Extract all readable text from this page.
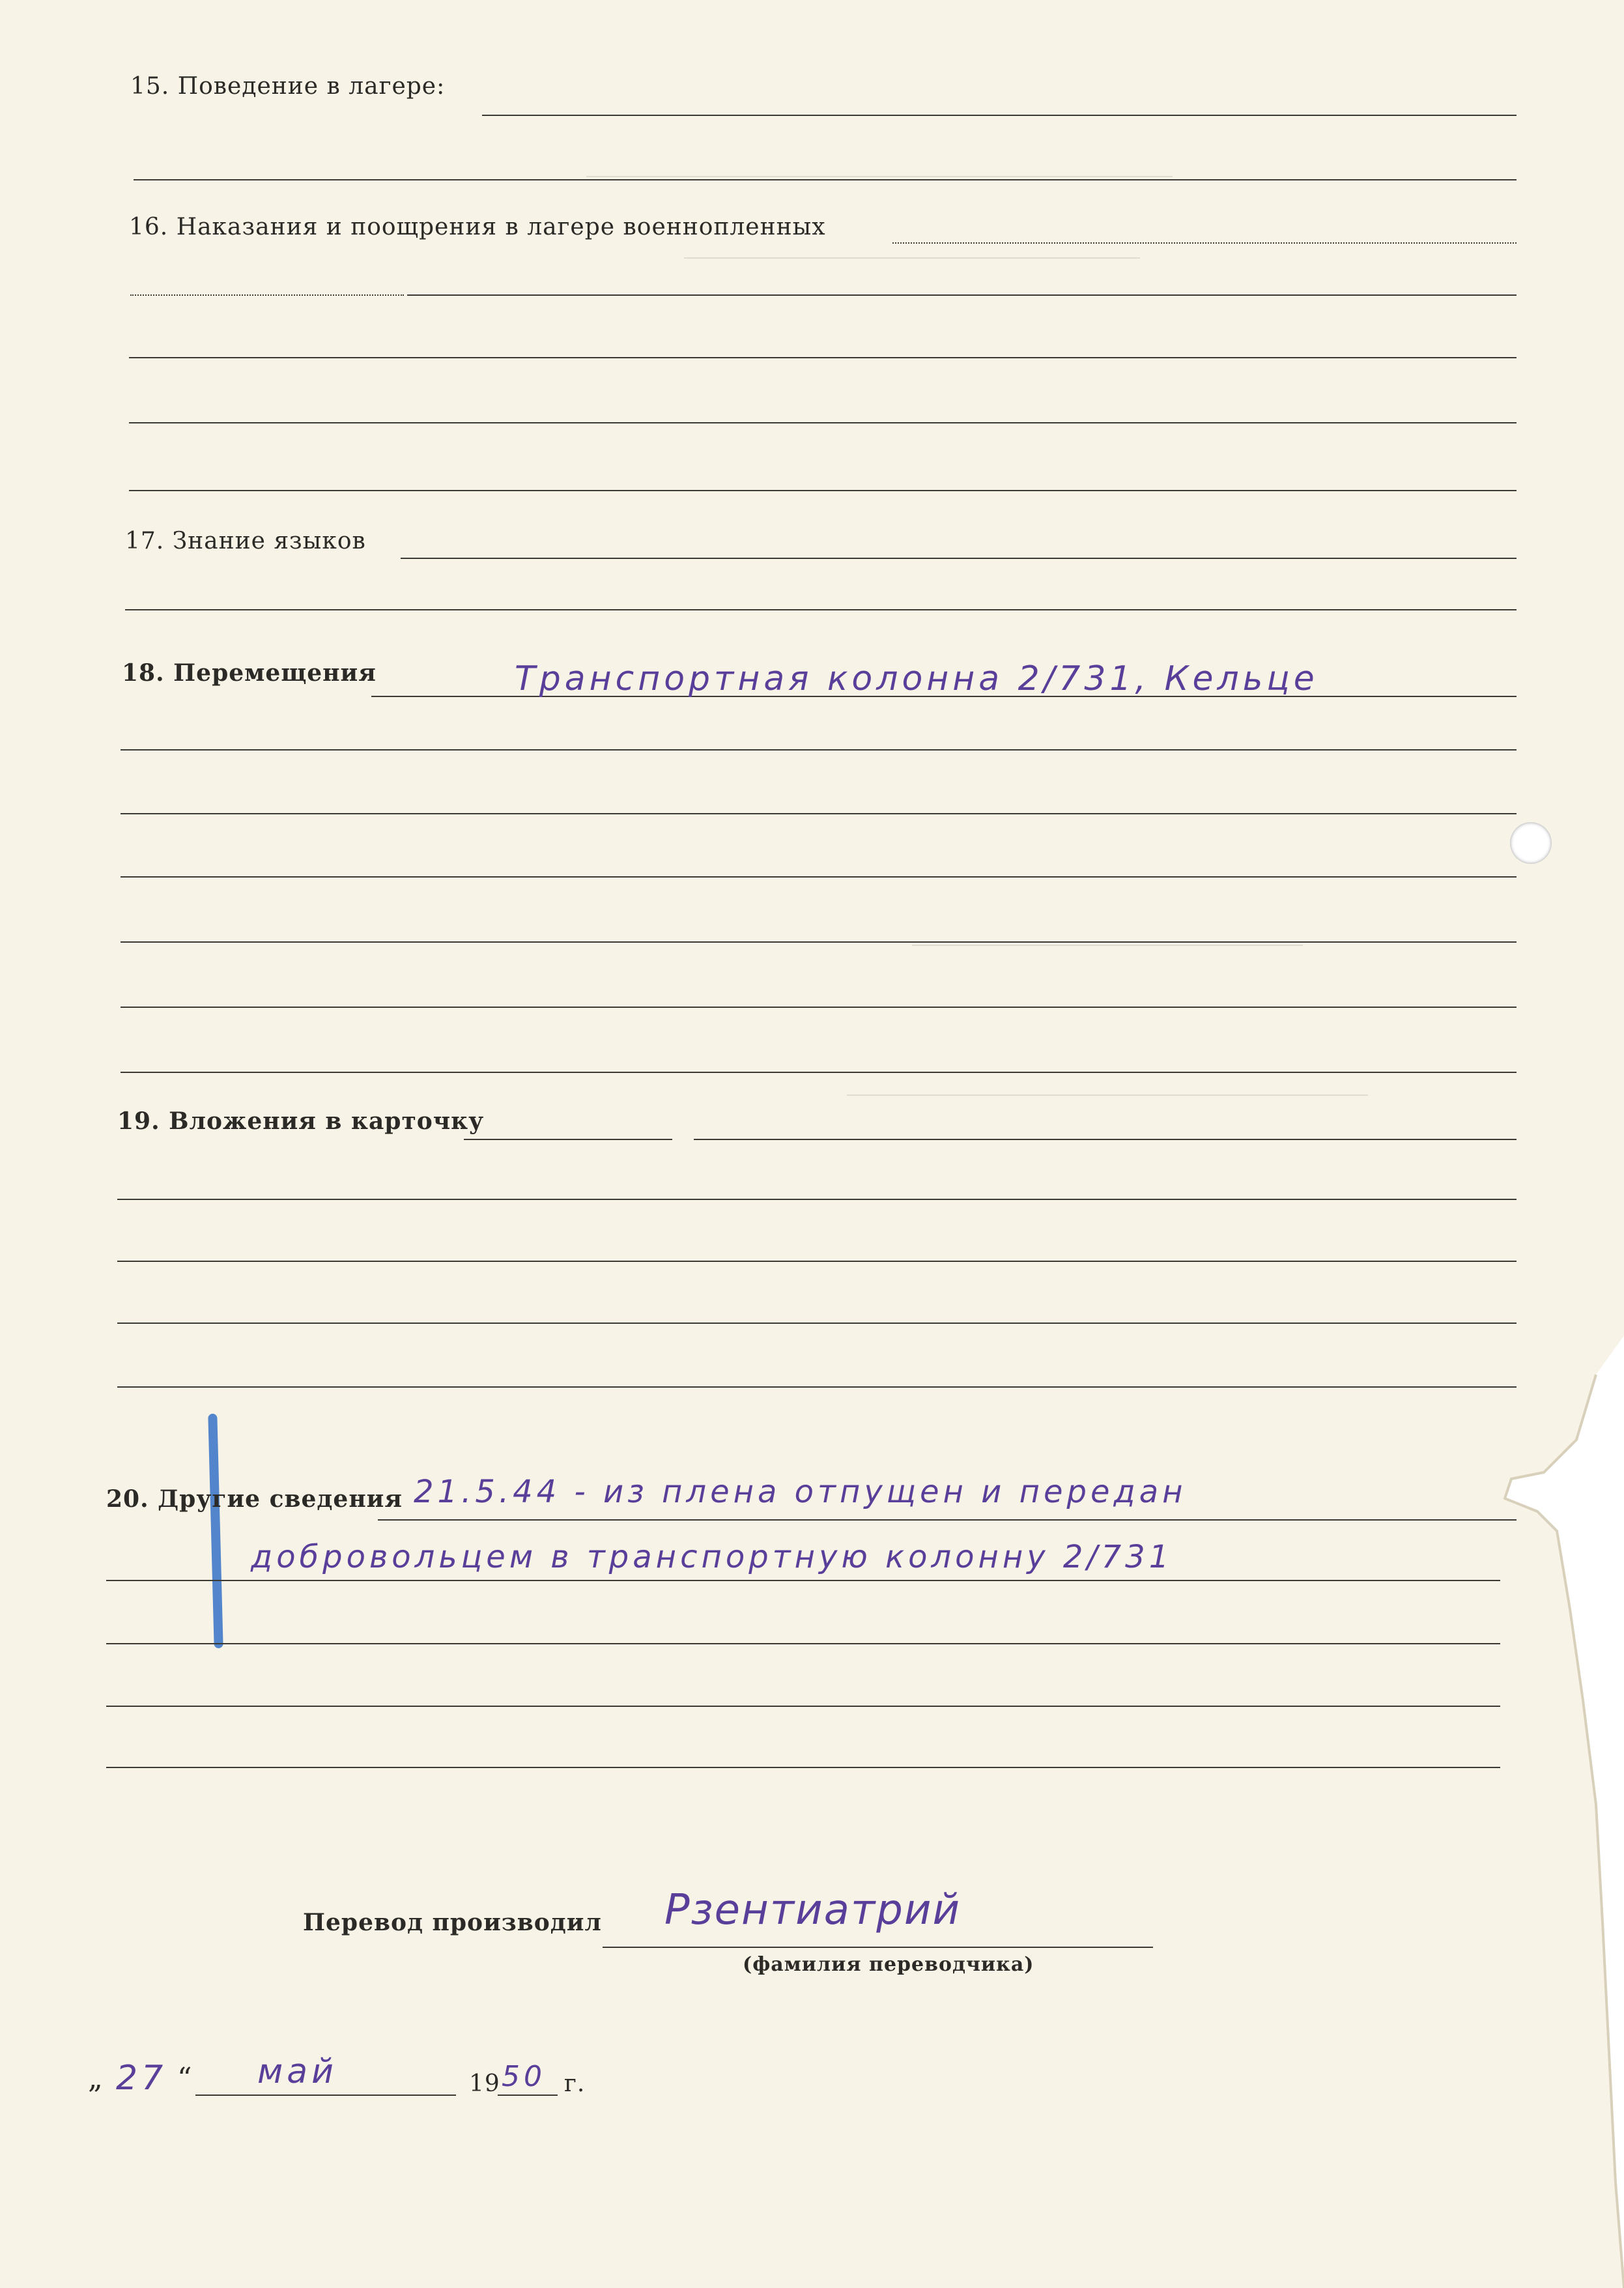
15. Поведение в лагере:
16. Наказания и поощрения в лагере военнопленных
17. Знание языков
18. Перемещения	Транспортная колонна 2/731, Кельце
19. Вложения в карточку
20. Другие сведения 21.5.44 - из плена отпущен и передан
добровольцем в транспортную колонну 2/731
Перевод производил Рзентиатрий
(фамилия переводчика)
„ 27 “ май	19 50 г.
